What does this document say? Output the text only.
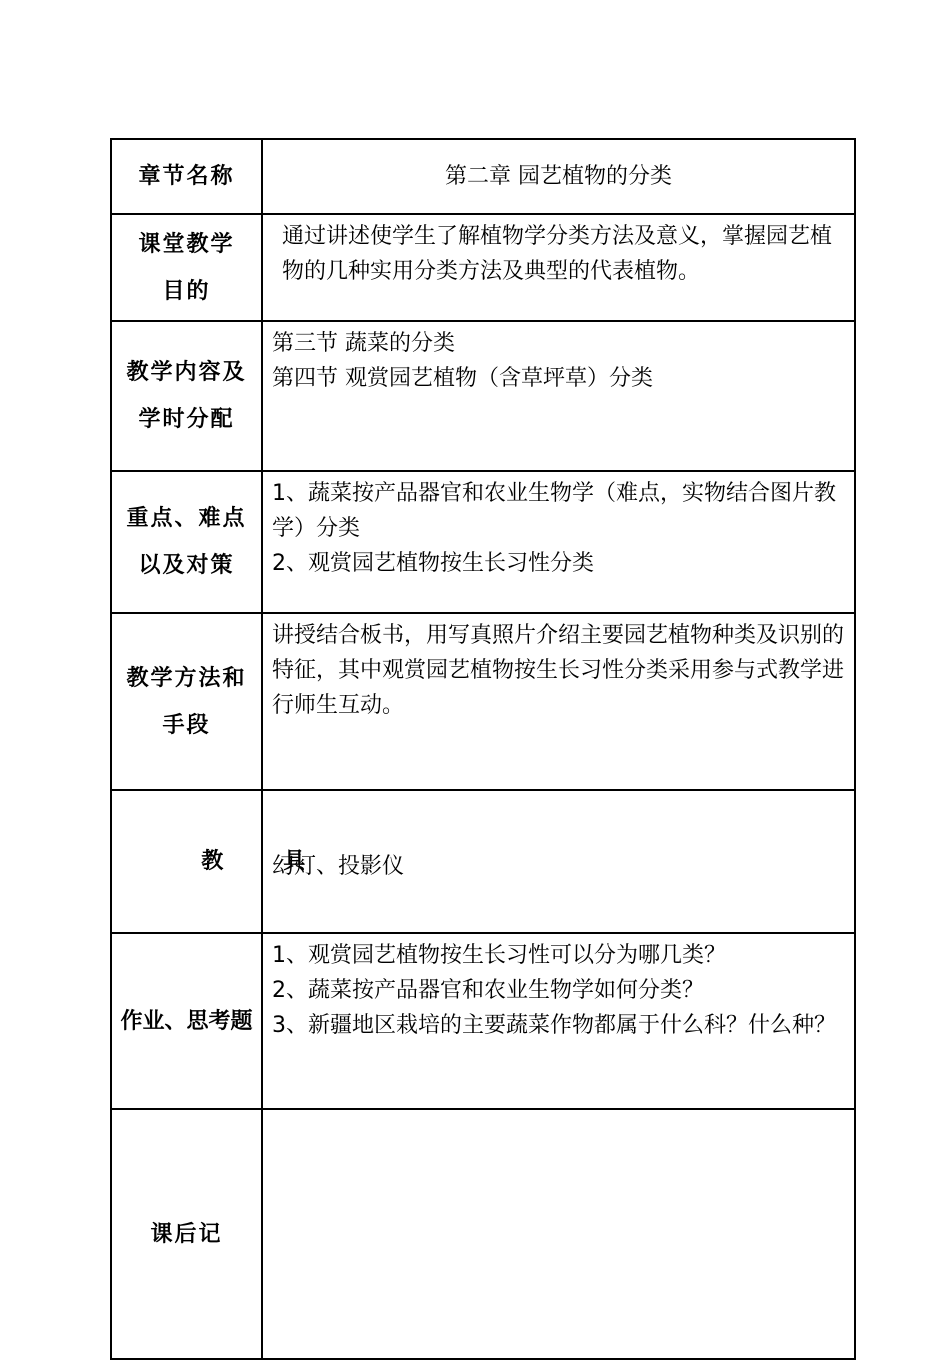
章节名称	第二章 园艺植物的分类

课堂教学目的	通过讲述使学生了解植物学分类方法及意义，掌握园艺植物的几种实用分类方法及典型的代表植物。

教学内容及学时分配	第三节 蔬菜的分类
第四节 观赏园艺植物（含草坪草）分类

重点、难点以及对策	1、蔬菜按产品器官和农业生物学（难点，实物结合图片教学）分类
2、观赏园艺植物按生长习性分类

教学方法和手段	讲授结合板书，用写真照片介绍主要园艺植物种类及识别的特征，其中观赏园艺植物按生长习性分类采用参与式教学进行师生互动。

教      具	幻灯、投影仪

作业、思考题	1、观赏园艺植物按生长习性可以分为哪几类？
2、蔬菜按产品器官和农业生物学如何分类？
3、新疆地区栽培的主要蔬菜作物都属于什么科？什么种？

课后记	
